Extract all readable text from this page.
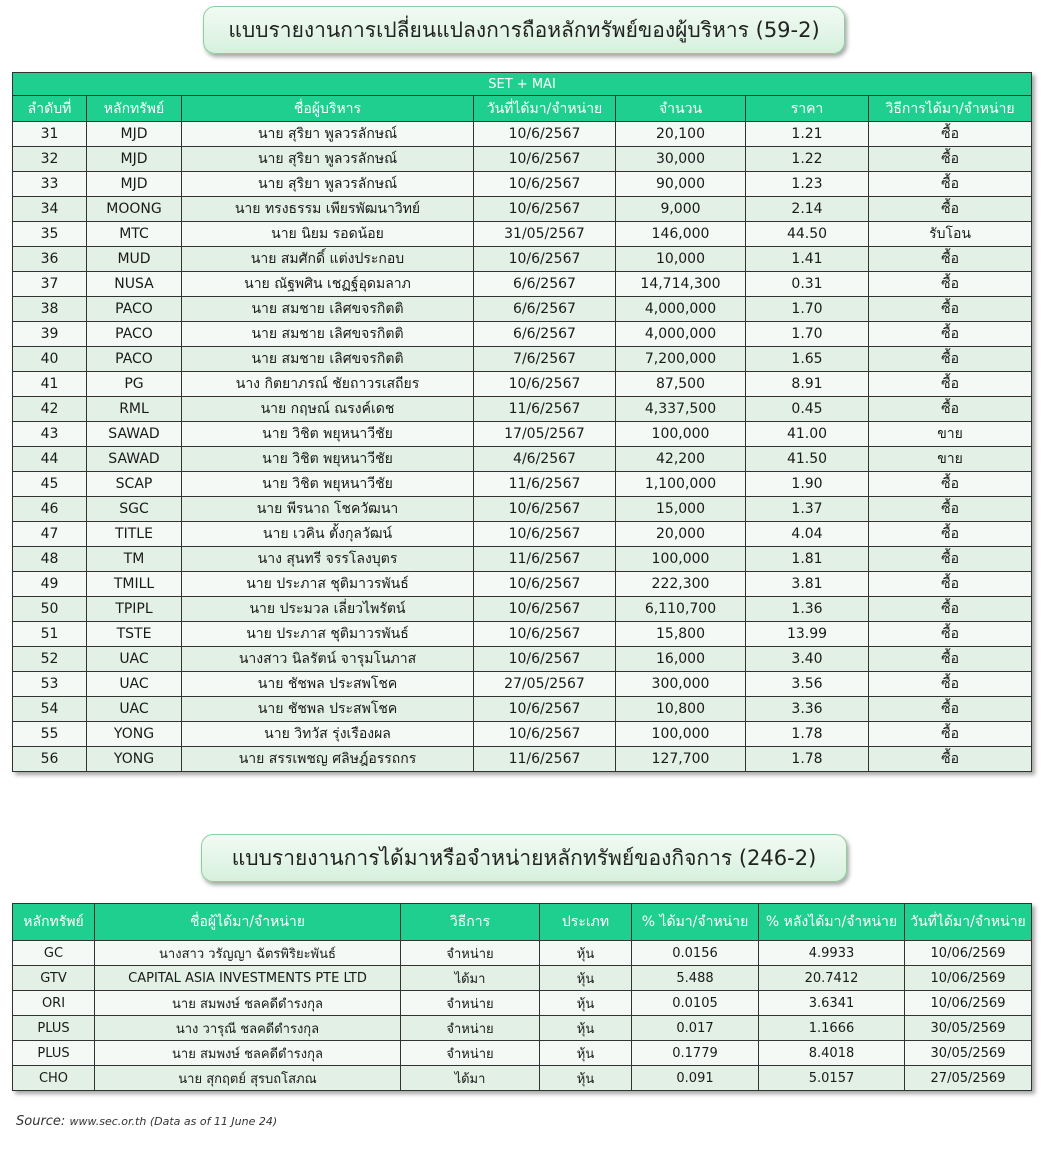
แบบรายงานการเปลี่ยนแปลงการถือหลักทรัพย์ของผู้บริหาร (59-2)
SET + MAI						
ลำดับที่	หลักทรัพย์	ชื่อผู้บริหาร	วันที่ได้มา/จำหน่าย	จำนวน	ราคา	วิธีการได้มา/จำหน่าย
31	MJD	นาย สุริยา พูลวรลักษณ์	10/6/2567	20,100	1.21	ซื้อ
32	MJD	นาย สุริยา พูลวรลักษณ์	10/6/2567	30,000	1.22	ซื้อ
33	MJD	นาย สุริยา พูลวรลักษณ์	10/6/2567	90,000	1.23	ซื้อ
34	MOONG	นาย ทรงธรรม เพียรพัฒนาวิทย์	10/6/2567	9,000	2.14	ซื้อ
35	MTC	นาย นิยม รอดน้อย	31/05/2567	146,000	44.50	รับโอน
36	MUD	นาย สมศักดิ์ แต่งประกอบ	10/6/2567	10,000	1.41	ซื้อ
37	NUSA	นาย ณัฐพศิน เชฏฐ์อุดมลาภ	6/6/2567	14,714,300	0.31	ซื้อ
38	PACO	นาย สมชาย เลิศขจรกิตติ	6/6/2567	4,000,000	1.70	ซื้อ
39	PACO	นาย สมชาย เลิศขจรกิตติ	6/6/2567	4,000,000	1.70	ซื้อ
40	PACO	นาย สมชาย เลิศขจรกิตติ	7/6/2567	7,200,000	1.65	ซื้อ
41	PG	นาง กิตยาภรณ์ ชัยถาวรเสถียร	10/6/2567	87,500	8.91	ซื้อ
42	RML	นาย กฤษณ์ ณรงค์เดช	11/6/2567	4,337,500	0.45	ซื้อ
43	SAWAD	นาย วิชิต พยุหนาวีชัย	17/05/2567	100,000	41.00	ขาย
44	SAWAD	นาย วิชิต พยุหนาวีชัย	4/6/2567	42,200	41.50	ขาย
45	SCAP	นาย วิชิต พยุหนาวีชัย	11/6/2567	1,100,000	1.90	ซื้อ
46	SGC	นาย พีรนาถ โชควัฒนา	10/6/2567	15,000	1.37	ซื้อ
47	TITLE	นาย เวคิน ตั้งกุลวัฒน์	10/6/2567	20,000	4.04	ซื้อ
48	TM	นาง สุนทรี จรรโลงบุตร	11/6/2567	100,000	1.81	ซื้อ
49	TMILL	นาย ประภาส ชุติมาวรพันธ์	10/6/2567	222,300	3.81	ซื้อ
50	TPIPL	นาย ประมวล เลี่ยวไพรัตน์	10/6/2567	6,110,700	1.36	ซื้อ
51	TSTE	นาย ประภาส ชุติมาวรพันธ์	10/6/2567	15,800	13.99	ซื้อ
52	UAC	นางสาว นิลรัตน์ จารุมโนภาส	10/6/2567	16,000	3.40	ซื้อ
53	UAC	นาย ชัชพล ประสพโชค	27/05/2567	300,000	3.56	ซื้อ
54	UAC	นาย ชัชพล ประสพโชค	10/6/2567	10,800	3.36	ซื้อ
55	YONG	นาย วิทวัส รุ่งเรืองผล	10/6/2567	100,000	1.78	ซื้อ
56	YONG	นาย สรรเพชญ ศลิษฎ์อรรถกร	11/6/2567	127,700	1.78	ซื้อ
แบบรายงานการได้มาหรือจำหน่ายหลักทรัพย์ของกิจการ (246-2)
หลักทรัพย์	ชื่อผู้ได้มา/จำหน่าย	วิธีการ	ประเภท	% ได้มา/จำหน่าย	% หลังได้มา/จำหน่าย	วันที่ได้มา/จำหน่าย
GC	นางสาว วรัญญา ฉัตรพิริยะพันธ์	จำหน่าย	หุ้น	0.0156	4.9933	10/06/2569
GTV	CAPITAL ASIA INVESTMENTS PTE LTD	ได้มา	หุ้น	5.488	20.7412	10/06/2569
ORI	นาย สมพงษ์ ชลคดีดำรงกุล	จำหน่าย	หุ้น	0.0105	3.6341	10/06/2569
PLUS	นาง วารุณี ชลคดีดำรงกุล	จำหน่าย	หุ้น	0.017	1.1666	30/05/2569
PLUS	นาย สมพงษ์ ชลคดีดำรงกุล	จำหน่าย	หุ้น	0.1779	8.4018	30/05/2569
CHO	นาย สุกฤตย์ สุรบถโสภณ	ได้มา	หุ้น	0.091	5.0157	27/05/2569
Source: www.sec.or.th (Data as of 11 June 24)
